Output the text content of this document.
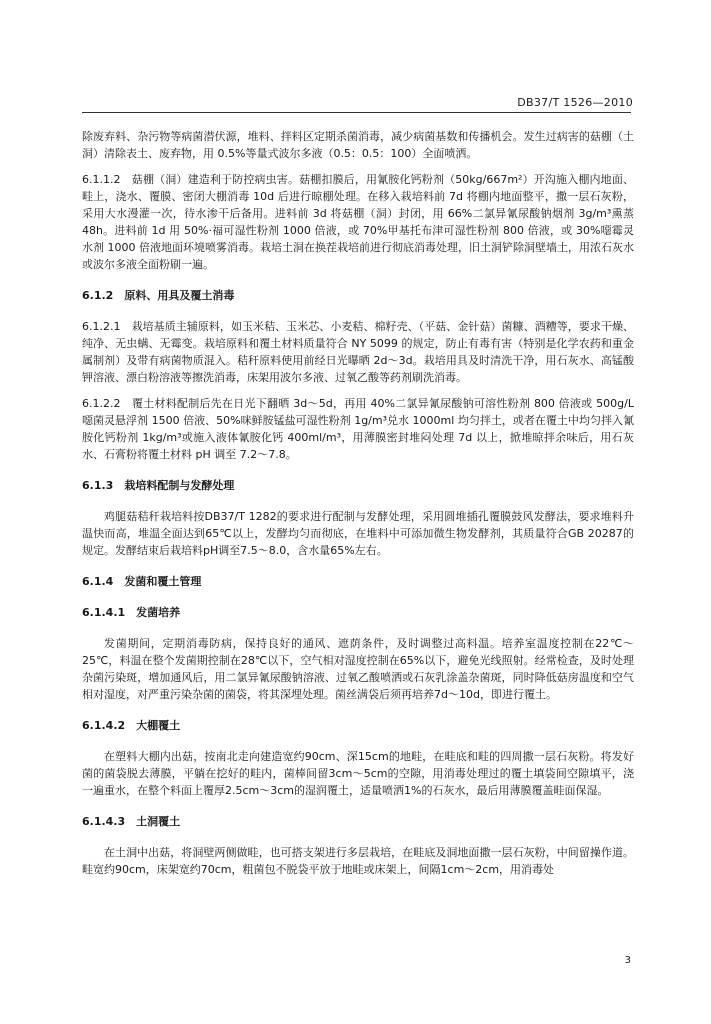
DB37/T 1526—2010

除废弃料、杂污物等病菌潜伏源，堆料、拌料区定期杀菌消毒，减少病菌基数和传播机会。发生过病害的菇棚（土洞）清除表土、废弃物，用 0.5%等量式波尔多液（0.5：0.5：100）全面喷洒。

6.1.1.2　菇棚（洞）建造利于防控病虫害。菇棚扣膜后，用氰胺化钙粉剂（50kg/667m²）开沟施入棚内地面、畦上，浇水、覆膜、密闭大棚消毒 10d 后进行晾棚处理。在移入栽培料前 7d 将棚内地面整平，撒一层石灰粉，采用大水漫灌一次，待水渗干后备用。进料前 3d 将菇棚（洞）封闭，用 66%二氯异氰尿酸钠烟剂 3g/m³熏蒸 48h。进料前 1d 用 50%·福可湿性粉剂 1000 倍液，或 70%甲基托布津可湿性粉剂 800 倍液，或 30%噁霉灵水剂 1000 倍液地面环境喷雾消毒。栽培土洞在换茬栽培前进行彻底消毒处理，旧土洞铲除洞壁墙土，用浓石灰水或波尔多液全面粉刷一遍。

6.1.2　原料、用具及覆土消毒

6.1.2.1　栽培基质主辅原料，如玉米秸、玉米芯、小麦秸、棉籽壳、（平菇、金针菇）菌糠、酒糟等，要求干燥、纯净、无虫螨、无霉变。栽培原料和覆土材料质量符合 NY 5099 的规定，防止有毒有害（特别是化学农药和重金属制剂）及带有病菌物质混入。秸秆原料使用前经日光曝晒 2d～3d。栽培用具及时清洗干净，用石灰水、高锰酸钾溶液、漂白粉溶液等擦洗消毒，床架用波尔多液、过氧乙酸等药剂刷洗消毒。

6.1.2.2　覆土材料配制后先在日光下翻晒 3d～5d，再用 40%二氯异氰尿酸钠可溶性粉剂 800 倍液或 500g/L 噁菌灵悬浮剂 1500 倍液、50%咪鲜胺锰盐可湿性粉剂 1g/m³兑水 1000ml 均匀拌土，或者在覆土中均匀拌入氰胺化钙粉剂 1kg/m³或施入液体氰胺化钙 400ml/m³，用薄膜密封堆闷处理 7d 以上，掀堆晾拌余味后，用石灰水、石膏粉将覆土材料 pH 调至 7.2～7.8。

6.1.3　栽培料配制与发酵处理

鸡腿菇秸秆栽培料按DB37/T 1282的要求进行配制与发酵处理，采用圆堆插孔覆膜鼓风发酵法，要求堆料升温快而高，堆温全面达到65℃以上，发酵均匀而彻底，在堆料中可添加微生物发酵剂，其质量符合GB 20287的规定。发酵结束后栽培料pH调至7.5～8.0，含水量65%左右。

6.1.4　发菌和覆土管理

6.1.4.1　发菌培养

发菌期间，定期消毒防病，保持良好的通风、遮荫条件，及时调整过高料温。培养室温度控制在22℃～25℃，料温在整个发菌期控制在28℃以下，空气相对湿度控制在65%以下，避免光线照射。经常检查，及时处理杂菌污染斑，增加通风后，用二氯异氰尿酸钠溶液、过氧乙酸喷洒或石灰乳涂盖杂菌斑，同时降低菇房温度和空气相对湿度，对严重污染杂菌的菌袋，将其深埋处理。菌丝满袋后须再培养7d～10d，即进行覆土。

6.1.4.2　大棚覆土

在塑料大棚内出菇，按南北走向建造宽约90cm、深15cm的地畦，在畦底和畦的四周撒一层石灰粉。将发好菌的菌袋脱去薄膜，平躺在挖好的畦内，菌棒间留3cm～5cm的空隙，用消毒处理过的覆土填袋间空隙填平，浇一遍重水，在整个料面上覆厚2.5cm～3cm的湿润覆土，适量喷洒1%的石灰水，最后用薄膜覆盖畦面保湿。

6.1.4.3　土洞覆土

在土洞中出菇，将洞壁两侧做畦，也可搭支架进行多层栽培，在畦底及洞地面撒一层石灰粉，中间留操作道。畦宽约90cm，床架宽约70cm，粗菌包不脱袋平放于地畦或床架上，间隔1cm～2cm，用消毒处

3
